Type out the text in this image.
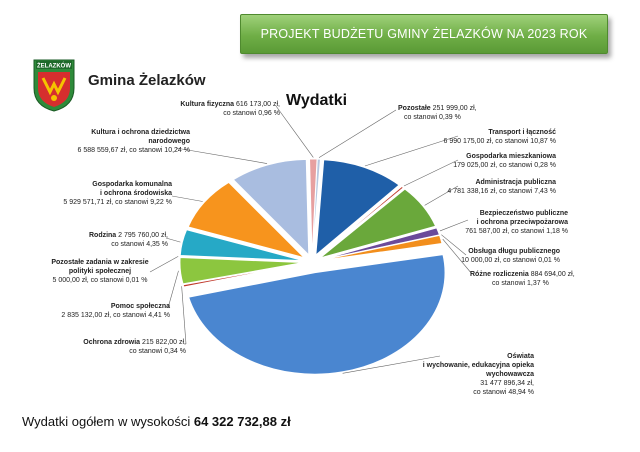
PROJEKT BUDŻETU GMINY ŻELAZKÓW NA 2023 ROK
ŻELAZKÓW
Gmina Żelazków
Wydatki	Pozostałe 251 999,00 zł,
co stanowi 0,39 %
Transport i łączność
6 990 175,00 zł, co stanowi 10,87 %
Gospodarka mieszkaniowa
179 025,00 zł, co stanowi 0,28 %
Administracja publiczna
4 781 338,16 zł, co stanowi 7,43 %
Bezpieczeństwo publiczne
i ochrona przeciwpożarowa
761 587,00 zł, co stanowi 1,18 %
Obsługa długu publicznego
10 000,00 zł, co stanowi 0,01 %
Różne rozliczenia 884 694,00 zł,
co stanowi 1,37 %
Oświata
i wychowanie, edukacyjna opieka
wychowawcza
31 477 896,34 zł,
co stanowi 48,94 %
Ochrona zdrowia 215 822,00 zł,
co stanowi 0,34 %
Pomoc społeczna
2 835 132,00 zł, co stanowi 4,41 %
Pozostałe zadania w zakresie
polityki społecznej
5 000,00 zł, co stanowi 0,01 %
Rodzina 2 795 760,00 zł,
co stanowi 4,35 %
Gospodarka komunalna
i ochrona środowiska
5 929 571,71 zł, co stanowi 9,22 %
Kultura i ochrona dziedzictwa
narodowego
6 588 559,67 zł, co stanowi 10,24 %
Kultura fizyczna 616 173,00 zł,
co stanowi 0,96 %
Wydatki ogółem w wysokości 64 322 732,88 zł
